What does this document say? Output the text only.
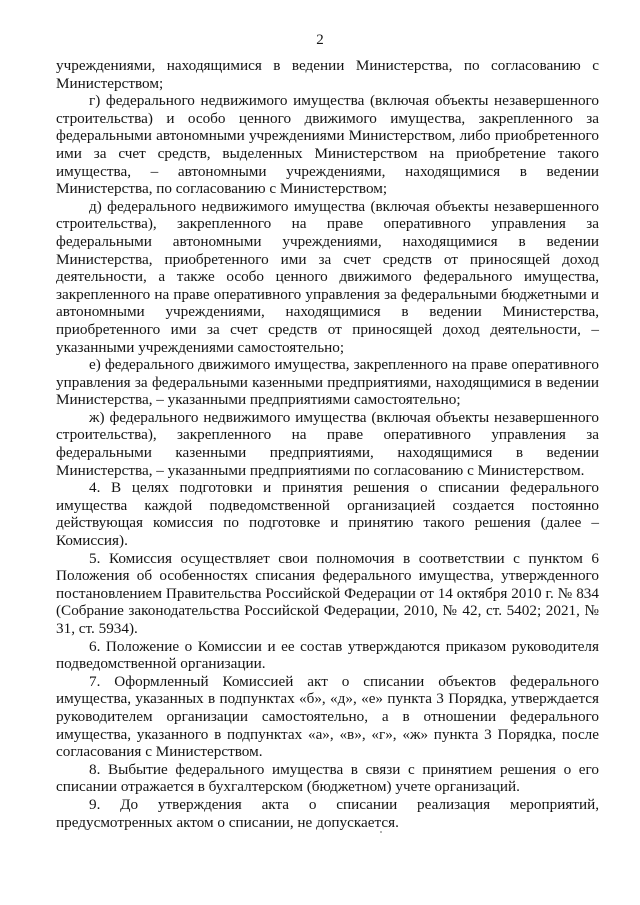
2

учреждениями, находящимися в ведении Министерства, по согласованию с Министерством;

г) федерального недвижимого имущества (включая объекты незавершенного строительства) и особо ценного движимого имущества, закрепленного за федеральными автономными учреждениями Министерством, либо приобретенного ими за счет средств, выделенных Министерством на приобретение такого имущества, – автономными учреждениями, находящимися в ведении Министерства, по согласованию с Министерством;

д) федерального недвижимого имущества (включая объекты незавершенного строительства), закрепленного на праве оперативного управления за федеральными автономными учреждениями, находящимися в ведении Министерства, приобретенного ими за счет средств от приносящей доход деятельности, а также особо ценного движимого федерального имущества, закрепленного на праве оперативного управления за федеральными бюджетными и автономными учреждениями, находящимися в ведении Министерства, приобретенного ими за счет средств от приносящей доход деятельности, – указанными учреждениями самостоятельно;

е) федерального движимого имущества, закрепленного на праве оперативного управления за федеральными казенными предприятиями, находящимися в ведении Министерства, – указанными предприятиями самостоятельно;

ж) федерального недвижимого имущества (включая объекты незавершенного строительства), закрепленного на праве оперативного управления за федеральными казенными предприятиями, находящимися в ведении Министерства, – указанными предприятиями по согласованию с Министерством.

4. В целях подготовки и принятия решения о списании федерального имущества каждой подведомственной организацией создается постоянно действующая комиссия по подготовке и принятию такого решения (далее – Комиссия).

5. Комиссия осуществляет свои полномочия в соответствии с пунктом 6 Положения об особенностях списания федерального имущества, утвержденного постановлением Правительства Российской Федерации от 14 октября 2010 г. № 834 (Собрание законодательства Российской Федерации, 2010, № 42, ст. 5402; 2021, № 31, ст. 5934).

6. Положение о Комиссии и ее состав утверждаются приказом руководителя подведомственной организации.

7. Оформленный Комиссией акт о списании объектов федерального имущества, указанных в подпунктах «б», «д», «е» пункта 3 Порядка, утверждается руководителем организации самостоятельно, а в отношении федерального имущества, указанного в подпунктах «а», «в», «г», «ж» пункта 3 Порядка, после согласования с Министерством.

8. Выбытие федерального имущества в связи с принятием решения о его списании отражается в бухгалтерском (бюджетном) учете организаций.

9. До утверждения акта о списании реализация мероприятий, предусмотренных актом о списании, не допускается.
